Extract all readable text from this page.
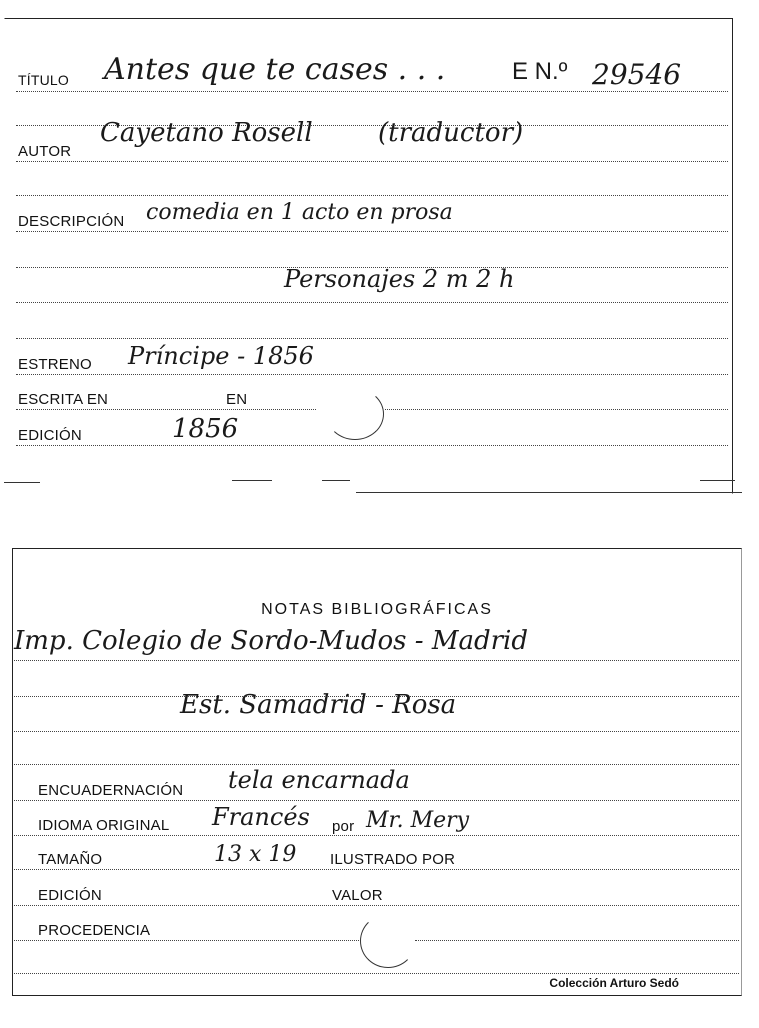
TÍTULO Antes que te cases . . .	E N.º 29546
AUTOR
Cayetano Rosell	(traductor)
DESCRIPCIÓN comedia en 1 acto en prosa
Personajes 2 m 2 h
ESTRENO Príncipe - 1856
ESCRITA EN	EN
EDICIÓN	1856
NOTAS BIBLIOGRÁFICAS
Imp. Colegio de Sordo-Mudos - Madrid
Est. Samadrid - Rosa
ENCUADERNACIÓN tela encarnada
IDIOMA ORIGINAL Francés por Mr. Mery
TAMAÑO	13 x 19 ILUSTRADO POR
EDICIÓN	VALOR
PROCEDENCIA
Colección Arturo Sedó
